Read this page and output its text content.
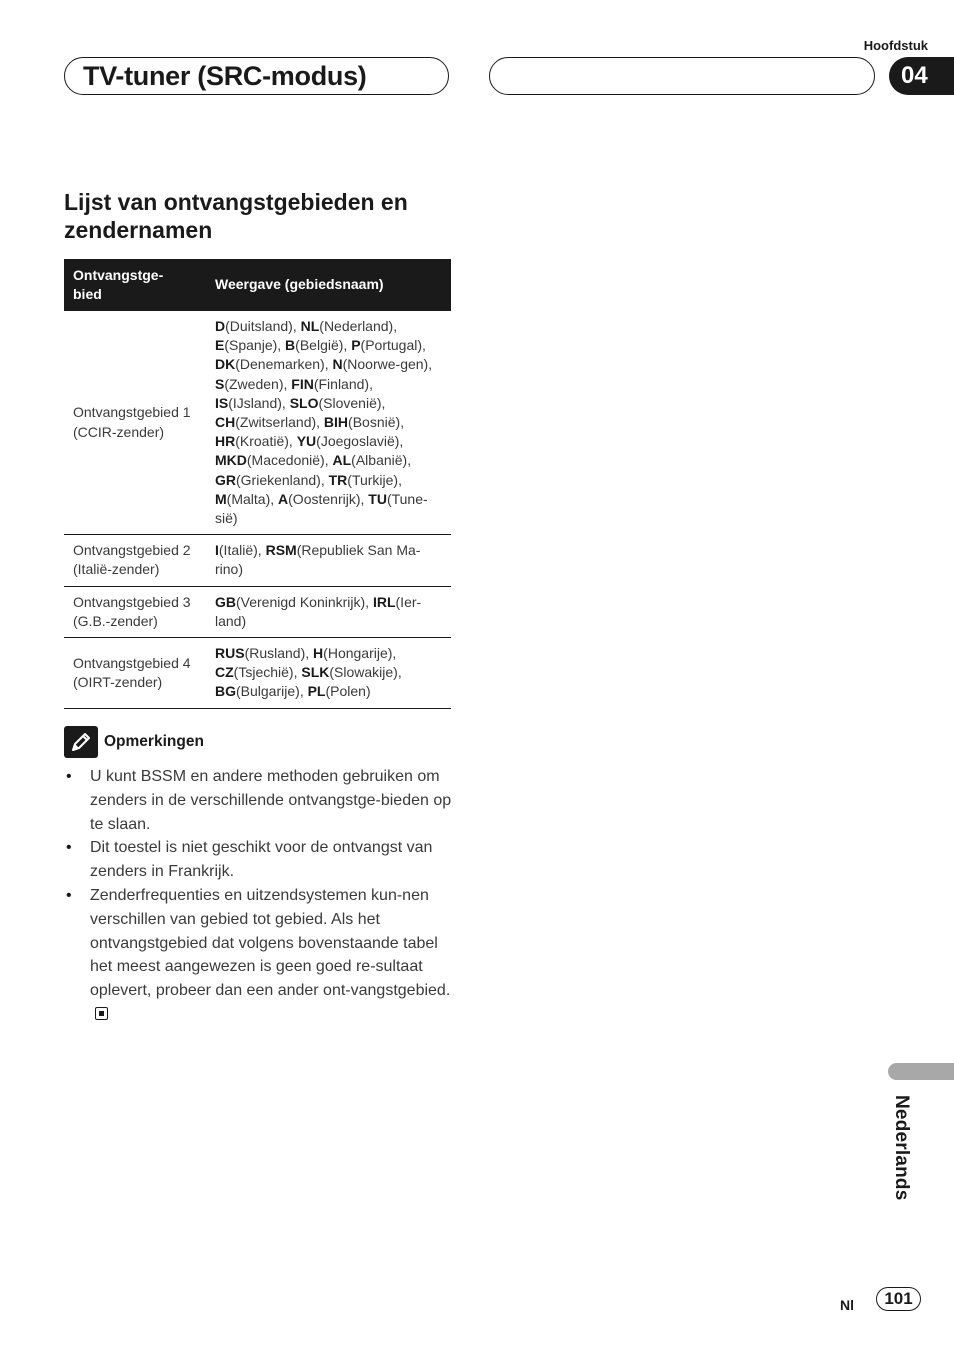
TV-tuner (SRC-modus)
Hoofdstuk
04
Lijst van ontvangstgebieden en zendernamen
Ontvangstge-
bied	Weergave (gebiedsnaam)
Ontvangstgebied 1 (CCIR-zender)	D(Duitsland), NL(Nederland), E(Spanje), B(België), P(Portugal), DK(Denemarken), N(Noorwe-gen), S(Zweden), FIN(Finland), IS(IJsland), SLO(Slovenië), CH(Zwitserland), BIH(Bosnië), HR(Kroatië), YU(Joegoslavië), MKD(Macedonië), AL(Albanië), GR(Griekenland), TR(Turkije), M(Malta), A(Oostenrijk), TU(Tune-sië)
Ontvangstgebied 2 (Italië-zender)	I(Italië), RSM(Republiek San Ma-rino)
Ontvangstgebied 3 (G.B.-zender)	GB(Verenigd Koninkrijk), IRL(Ier-land)
Ontvangstgebied 4 (OIRT-zender)	RUS(Rusland), H(Hongarije), CZ(Tsjechië), SLK(Slowakije), BG(Bulgarije), PL(Polen)
Opmerkingen
• U kunt BSSM en andere methoden gebruiken om zenders in de verschillende ontvangstge-bieden op te slaan.
• Dit toestel is niet geschikt voor de ontvangst van zenders in Frankrijk.
• Zenderfrequenties en uitzendsystemen kun-nen verschillen van gebied tot gebied. Als het ontvangstgebied dat volgens bovenstaande tabel het meest aangewezen is geen goed re-sultaat oplevert, probeer dan een ander ont-vangstgebied.
Nederlands
Nl 101
